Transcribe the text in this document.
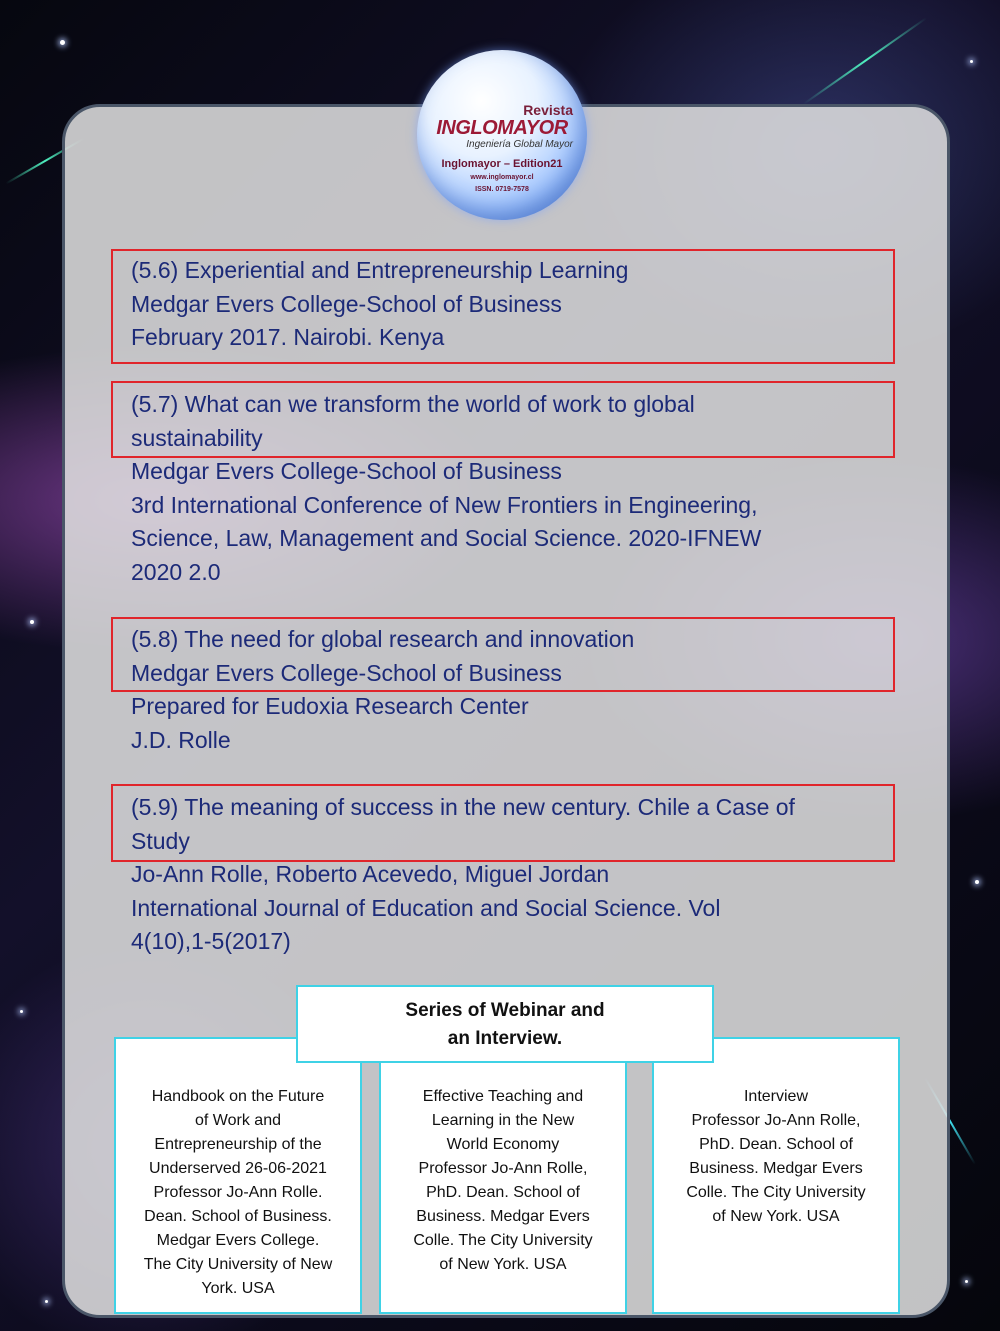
Revista
INGLOMAYOR
Ingeniería Global Mayor
Inglomayor – Edition21
www.inglomayor.cl
ISSN. 0719-7578
(5.6) Experiential and Entrepreneurship Learning
Medgar Evers College-School of Business
February 2017. Nairobi. Kenya
(5.7) What can we transform the world of work to global
sustainability
Medgar Evers College-School of Business
3rd International Conference of New Frontiers in Engineering,
Science, Law, Management and Social Science. 2020-IFNEW
2020 2.0
(5.8) The need for global research and innovation
Medgar Evers College-School of Business
Prepared for Eudoxia Research Center
J.D. Rolle
(5.9) The meaning of success in the new century. Chile a Case of
Study
Jo-Ann Rolle, Roberto Acevedo, Miguel Jordan
International Journal of Education and Social Science. Vol
4(10),1-5(2017)
Handbook on the Future
of Work and
Entrepreneurship of the
Underserved 26-06-2021
Professor Jo-Ann Rolle.
Dean. School of Business.
Medgar Evers College.
The City University of New
York. USA
Effective Teaching and
Learning in the New
World Economy
Professor Jo-Ann Rolle,
PhD. Dean. School of
Business. Medgar Evers
Colle. The City University
of New York. USA
Interview
Professor Jo-Ann Rolle,
PhD. Dean. School of
Business. Medgar Evers
Colle. The City University
of New York. USA
Series of Webinar and
an Interview.
